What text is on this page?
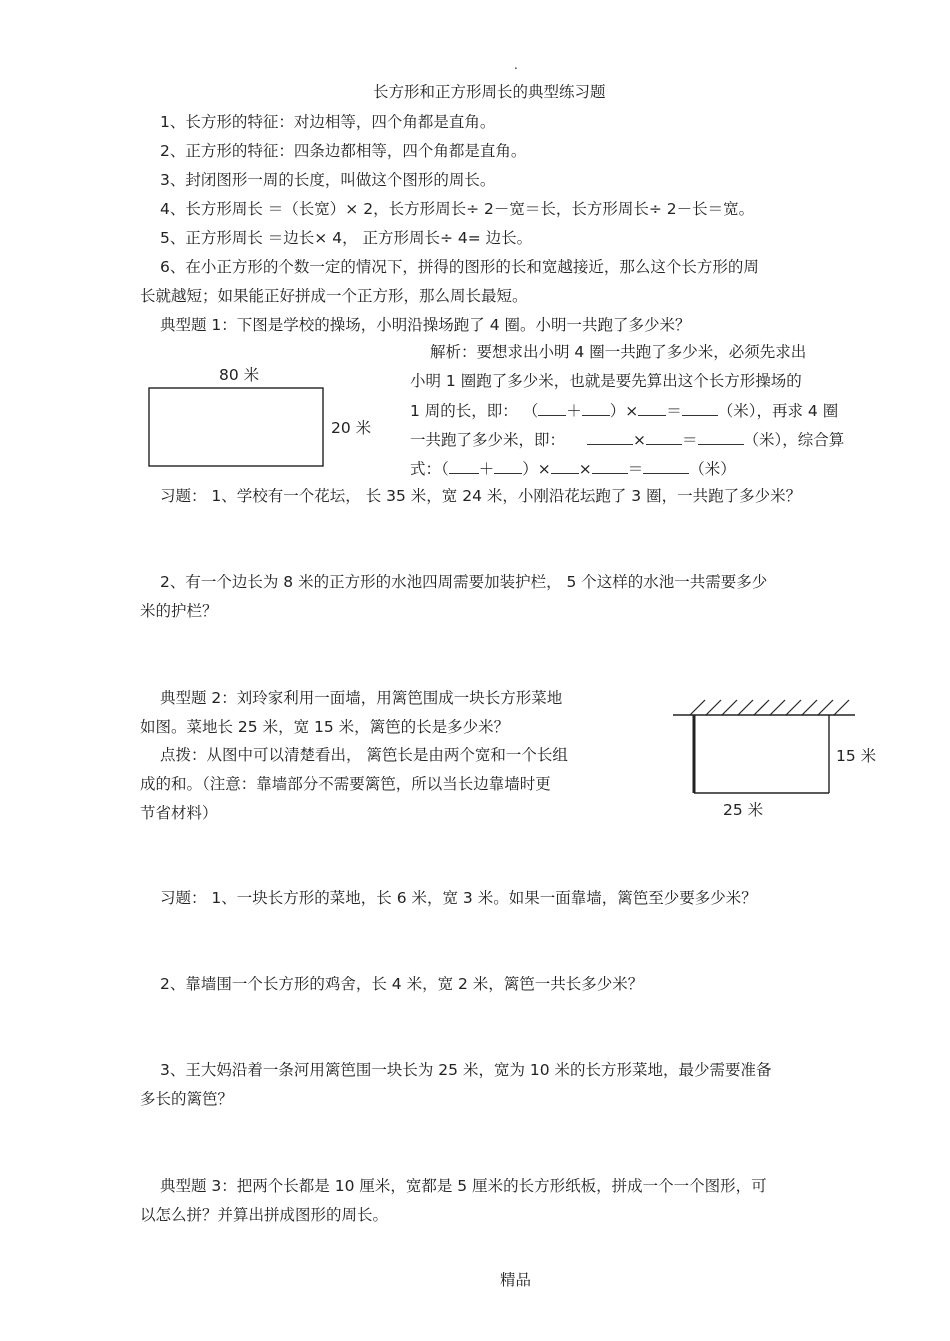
.
长方形和正方形周长的典型练习题
1、长方形的特征：对边相等，四个角都是直角。
2、正方形的特征：四条边都相等，四个角都是直角。
3、封闭图形一周的长度，叫做这个图形的周长。
4、长方形周长 ＝（长宽）× 2，长方形周长÷ 2－宽＝长，长方形周长÷ 2－长＝宽。
5、正方形周长 ＝边长× 4， 正方形周长÷ 4= 边长。
6、在小正方形的个数一定的情况下，拼得的图形的长和宽越接近，那么这个长方形的周
长就越短；如果能正好拼成一个正方形，那么周长最短。
典型题 1：下图是学校的操场，小明沿操场跑了 4 圈。小明一共跑了多少米？
80 米
20 米
解析：要想求出小明 4 圈一共跑了多少米，必须先求出
小明 1 圈跑了多少米，也就是要先算出这个长方形操场的
1 周的长，即： （ ＋ ）× ＝ （米），再求 4 圈
一共跑了多少米，即：	× ＝	（米），综合算
式：（ ＋ ）× × ＝	（米）
习题： 1、学校有一个花坛， 长 35 米，宽 24 米，小刚沿花坛跑了 3 圈，一共跑了多少米？
2、有一个边长为 8 米的正方形的水池四周需要加装护栏， 5 个这样的水池一共需要多少
米的护栏？
典型题 2：刘玲家利用一面墙，用篱笆围成一块长方形菜地
如图。菜地长 25 米，宽 15 米，篱笆的长是多少米？
点拨：从图中可以清楚看出， 篱笆长是由两个宽和一个长组
成的和。（注意：靠墙部分不需要篱笆，所以当长边靠墙时更
节省材料）
15 米
25 米
习题： 1、一块长方形的菜地，长 6 米，宽 3 米。如果一面靠墙，篱笆至少要多少米？
2、靠墙围一个长方形的鸡舍，长 4 米，宽 2 米，篱笆一共长多少米？
3、王大妈沿着一条河用篱笆围一块长为 25 米，宽为 10 米的长方形菜地，最少需要准备
多长的篱笆？
典型题 3：把两个长都是 10 厘米，宽都是 5 厘米的长方形纸板，拼成一个一个图形，可
以怎么拼？并算出拼成图形的周长。
精品
